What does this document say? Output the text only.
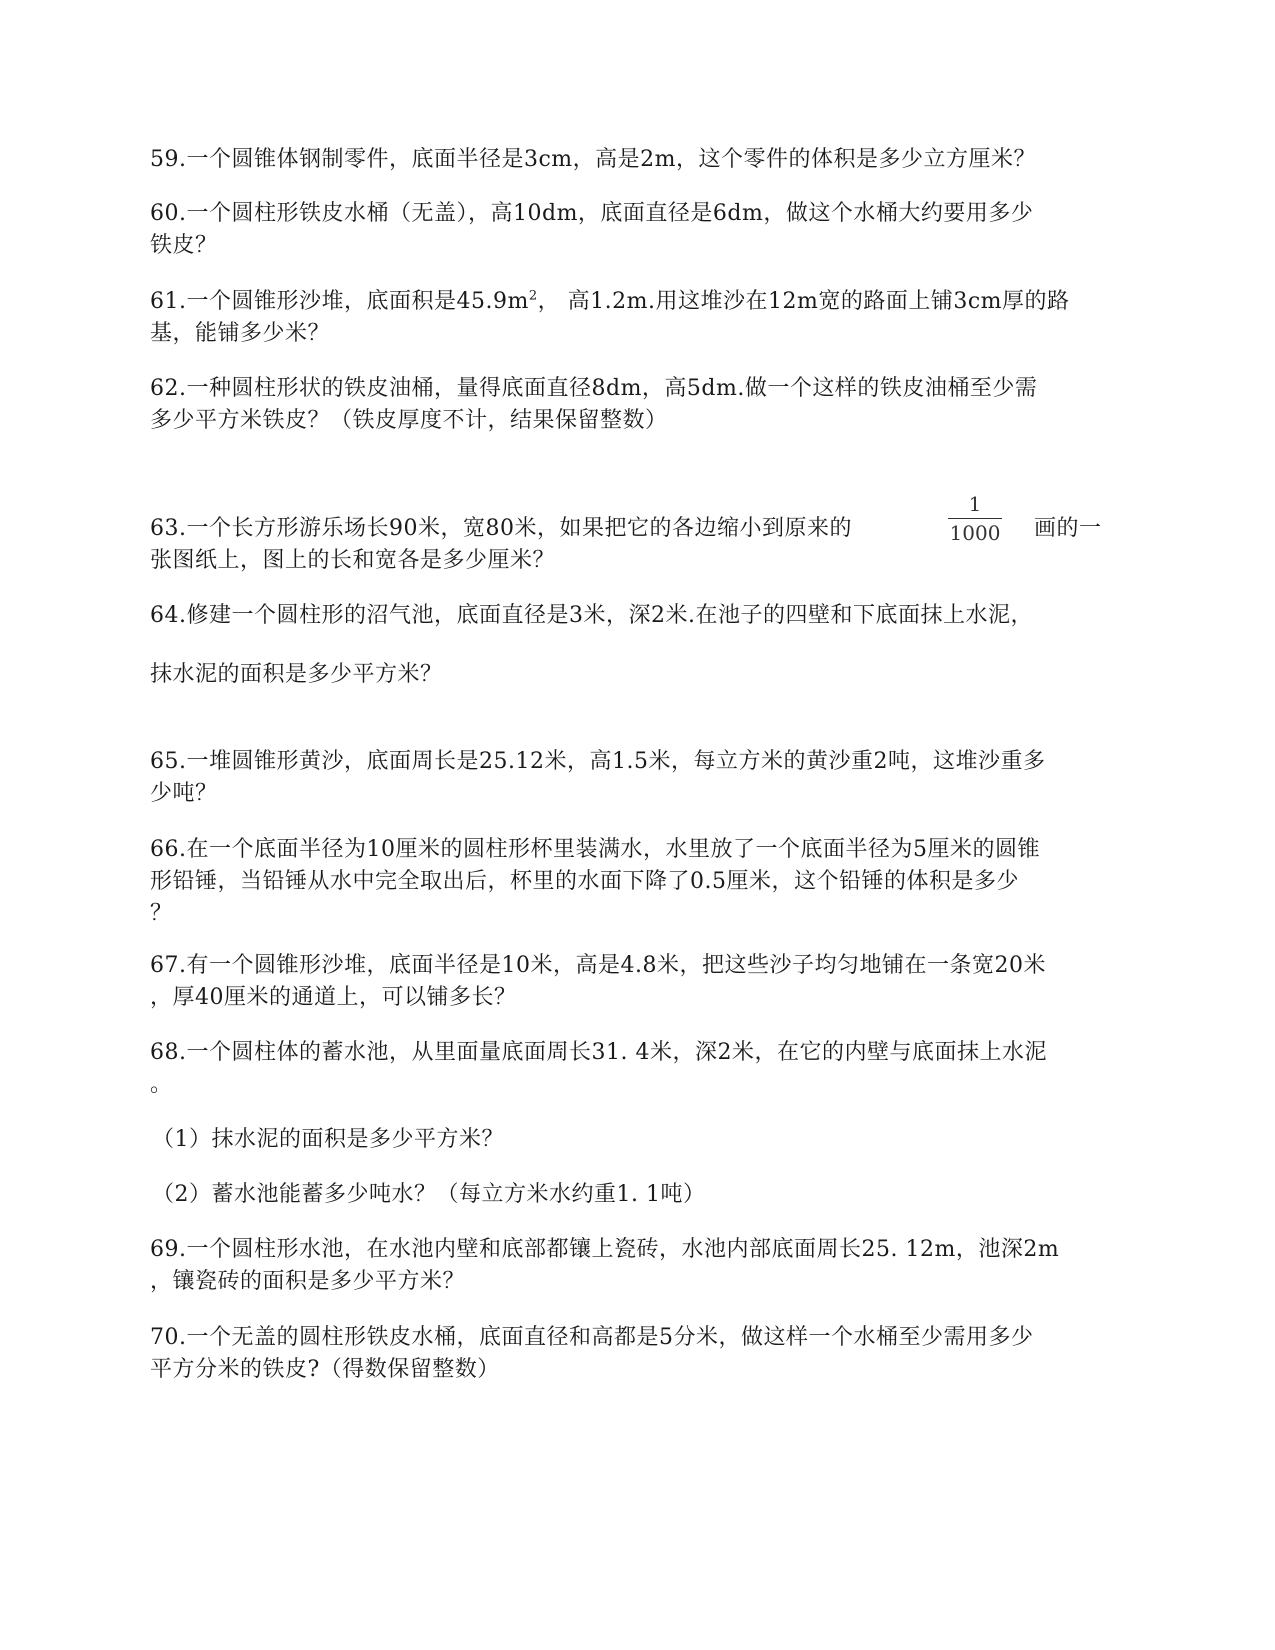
59.一个圆锥体钢制零件，底面半径是3cm，高是2m，这个零件的体积是多少立方厘米？
60.一个圆柱形铁皮水桶（无盖），高10dm，底面直径是6dm，做这个水桶大约要用多少
铁皮？
61.一个圆锥形沙堆，底面积是$45.9m^2$， 高1.2m.用这堆沙在12m宽的路面上铺3cm厚的路
基，能铺多少米？
62.一种圆柱形状的铁皮油桶，量得底面直径8dm，高5dm.做一个这样的铁皮油桶至少需
多少平方米铁皮？（铁皮厚度不计，结果保留整数）
63.一个长方形游乐场长90米，宽80米，如果把它的各边缩小到原来的
1
1000	画的一
张图纸上，图上的长和宽各是多少厘米？
64.修建一个圆柱形的沼气池，底面直径是3米，深2米.在池子的四壁和下底面抹上水泥，
抹水泥的面积是多少平方米？
65.一堆圆锥形黄沙，底面周长是25.12米，高1.5米，每立方米的黄沙重2吨，这堆沙重多
少吨？
66.在一个底面半径为10厘米的圆柱形杯里装满水，水里放了一个底面半径为5厘米的圆锥
形铅锤，当铅锤从水中完全取出后，杯里的水面下降了0.5厘米，这个铅锤的体积是多少
？
67.有一个圆锥形沙堆，底面半径是10米，高是4.8米，把这些沙子均匀地铺在一条宽20米
，厚40厘米的通道上，可以铺多长？
68.一个圆柱体的蓄水池，从里面量底面周长31. 4米，深2米，在它的内壁与底面抹上水泥
。
（1）抹水泥的面积是多少平方米？
（2）蓄水池能蓄多少吨水？（每立方米水约重1. 1吨）
69.一个圆柱形水池，在水池内壁和底部都镶上瓷砖，水池内部底面周长25. 12m，池深2m
，镶瓷砖的面积是多少平方米？
70.一个无盖的圆柱形铁皮水桶，底面直径和高都是5分米，做这样一个水桶至少需用多少
平方分米的铁皮?（得数保留整数）
